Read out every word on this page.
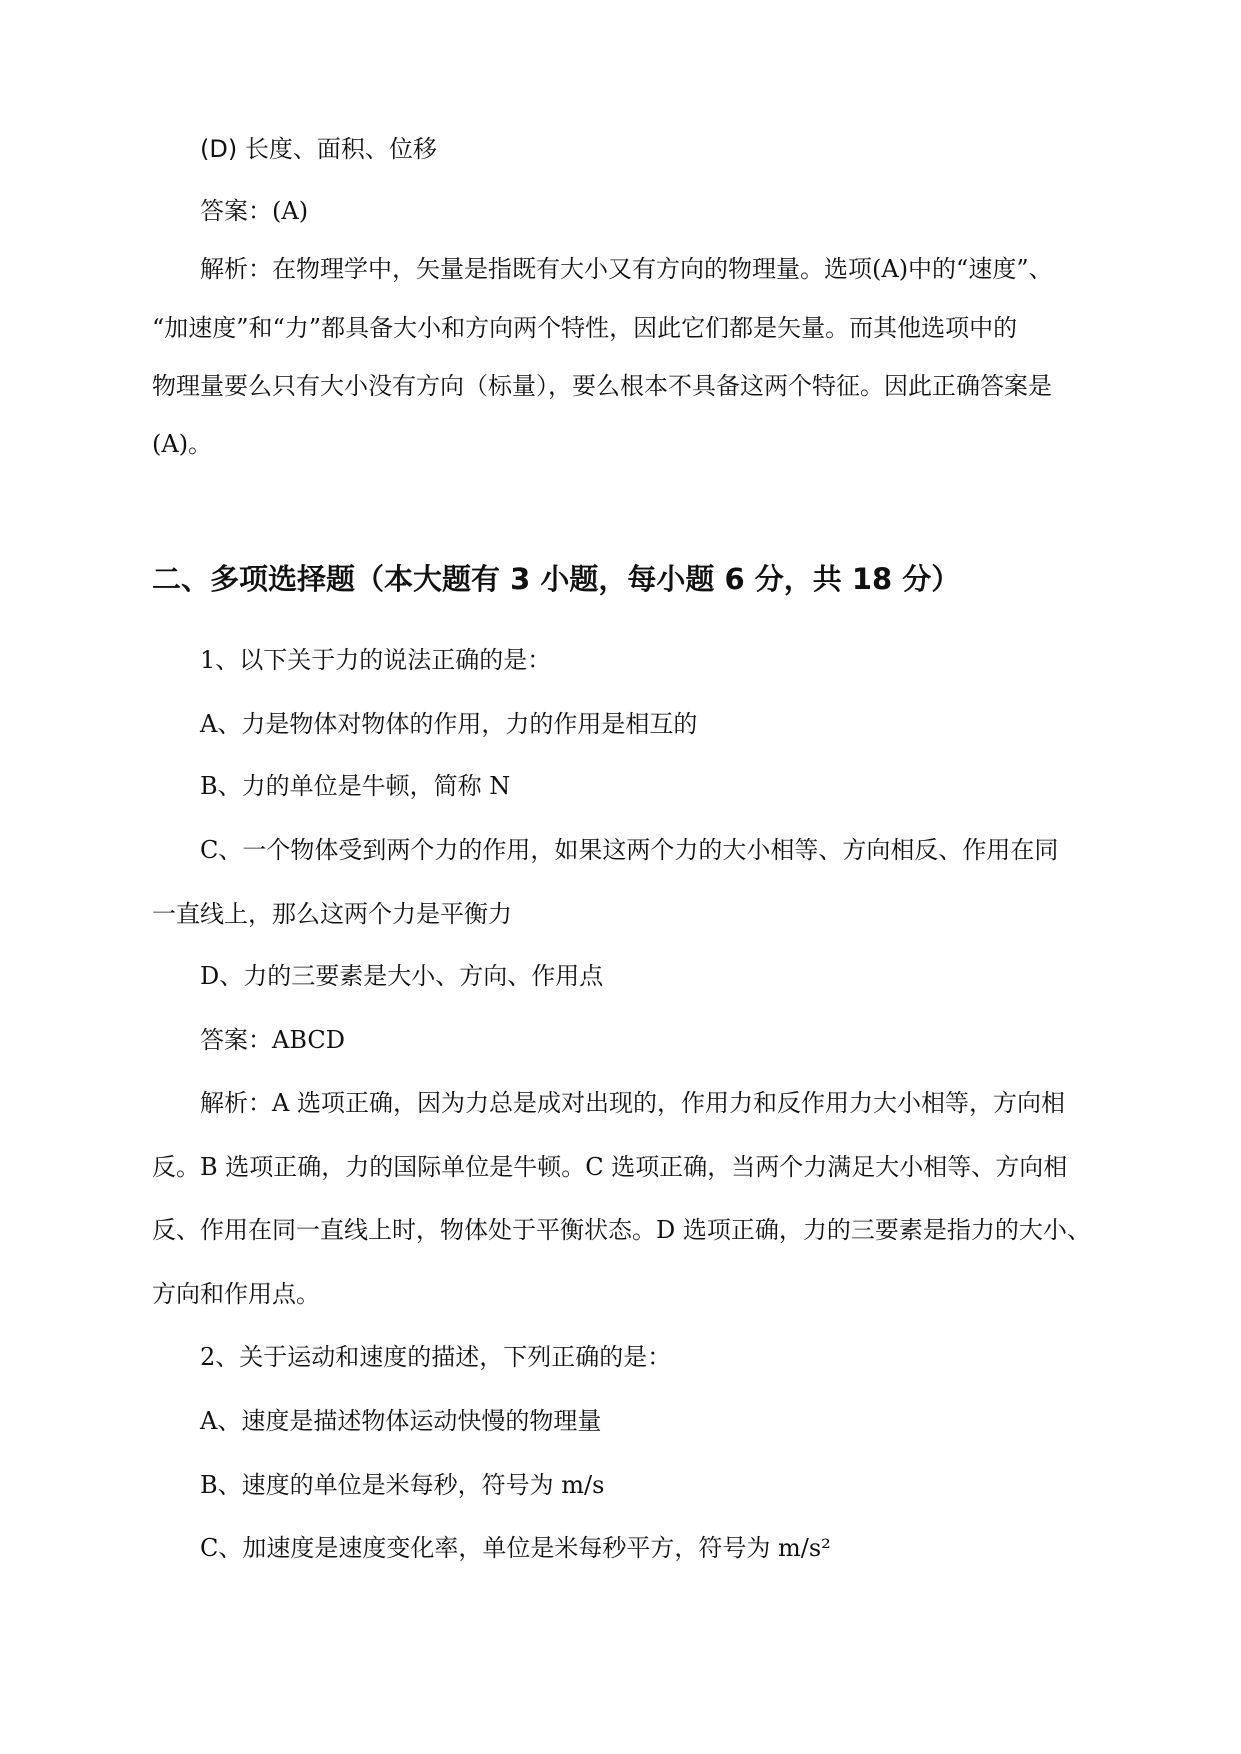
(D) 长度、面积、位移
答案：(A)
解析：在物理学中，矢量是指既有大小又有方向的物理量。选项(A)中的“速度”、
“加速度”和“力”都具备大小和方向两个特性，因此它们都是矢量。而其他选项中的
物理量要么只有大小没有方向（标量），要么根本不具备这两个特征。因此正确答案是
(A)。
二、多项选择题（本大题有 3 小题，每小题 6 分，共 18 分）
1、以下关于力的说法正确的是：
A、力是物体对物体的作用，力的作用是相互的
B、力的单位是牛顿，简称 N
C、一个物体受到两个力的作用，如果这两个力的大小相等、方向相反、作用在同
一直线上，那么这两个力是平衡力
D、力的三要素是大小、方向、作用点
答案：ABCD
解析：A 选项正确，因为力总是成对出现的，作用力和反作用力大小相等，方向相
反。B 选项正确，力的国际单位是牛顿。C 选项正确，当两个力满足大小相等、方向相
反、作用在同一直线上时，物体处于平衡状态。D 选项正确，力的三要素是指力的大小、
方向和作用点。
2、关于运动和速度的描述，下列正确的是：
A、速度是描述物体运动快慢的物理量
B、速度的单位是米每秒，符号为 m/s
C、加速度是速度变化率，单位是米每秒平方，符号为 m/s²
